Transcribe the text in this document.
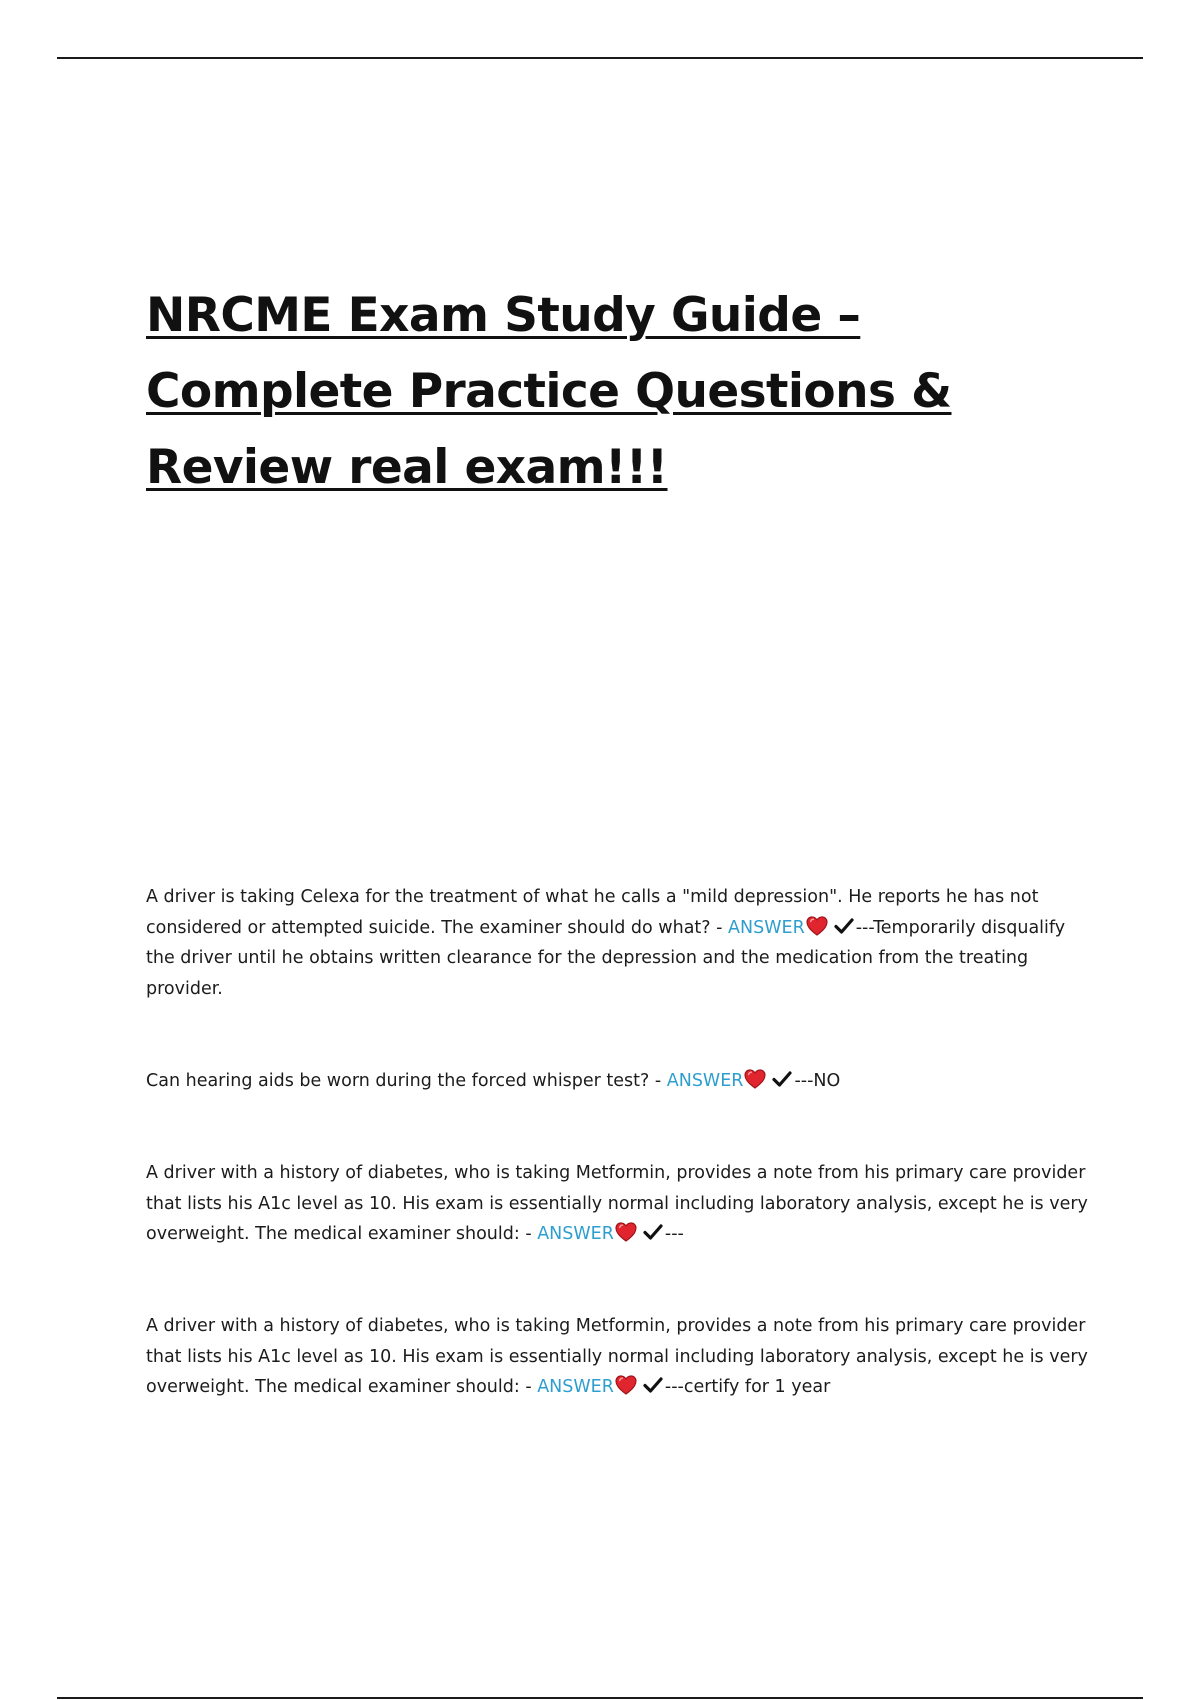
NRCME Exam Study Guide – Complete Practice Questions & Review real exam!!!

A driver is taking Celexa for the treatment of what he calls a "mild depression". He reports he has not considered or attempted suicide. The examiner should do what? - ANSWER	---Temporarily disqualify the driver until he obtains written clearance for the depression and the medication from the treating provider.

Can hearing aids be worn during the forced whisper test? - ANSWER	---NO

A driver with a history of diabetes, who is taking Metformin, provides a note from his primary care provider that lists his A1c level as 10. His exam is essentially normal including laboratory analysis, except he is very overweight. The medical examiner should: - ANSWER	---

A driver with a history of diabetes, who is taking Metformin, provides a note from his primary care provider that lists his A1c level as 10. His exam is essentially normal including laboratory analysis, except he is very overweight. The medical examiner should: - ANSWER	---certify for 1 year
